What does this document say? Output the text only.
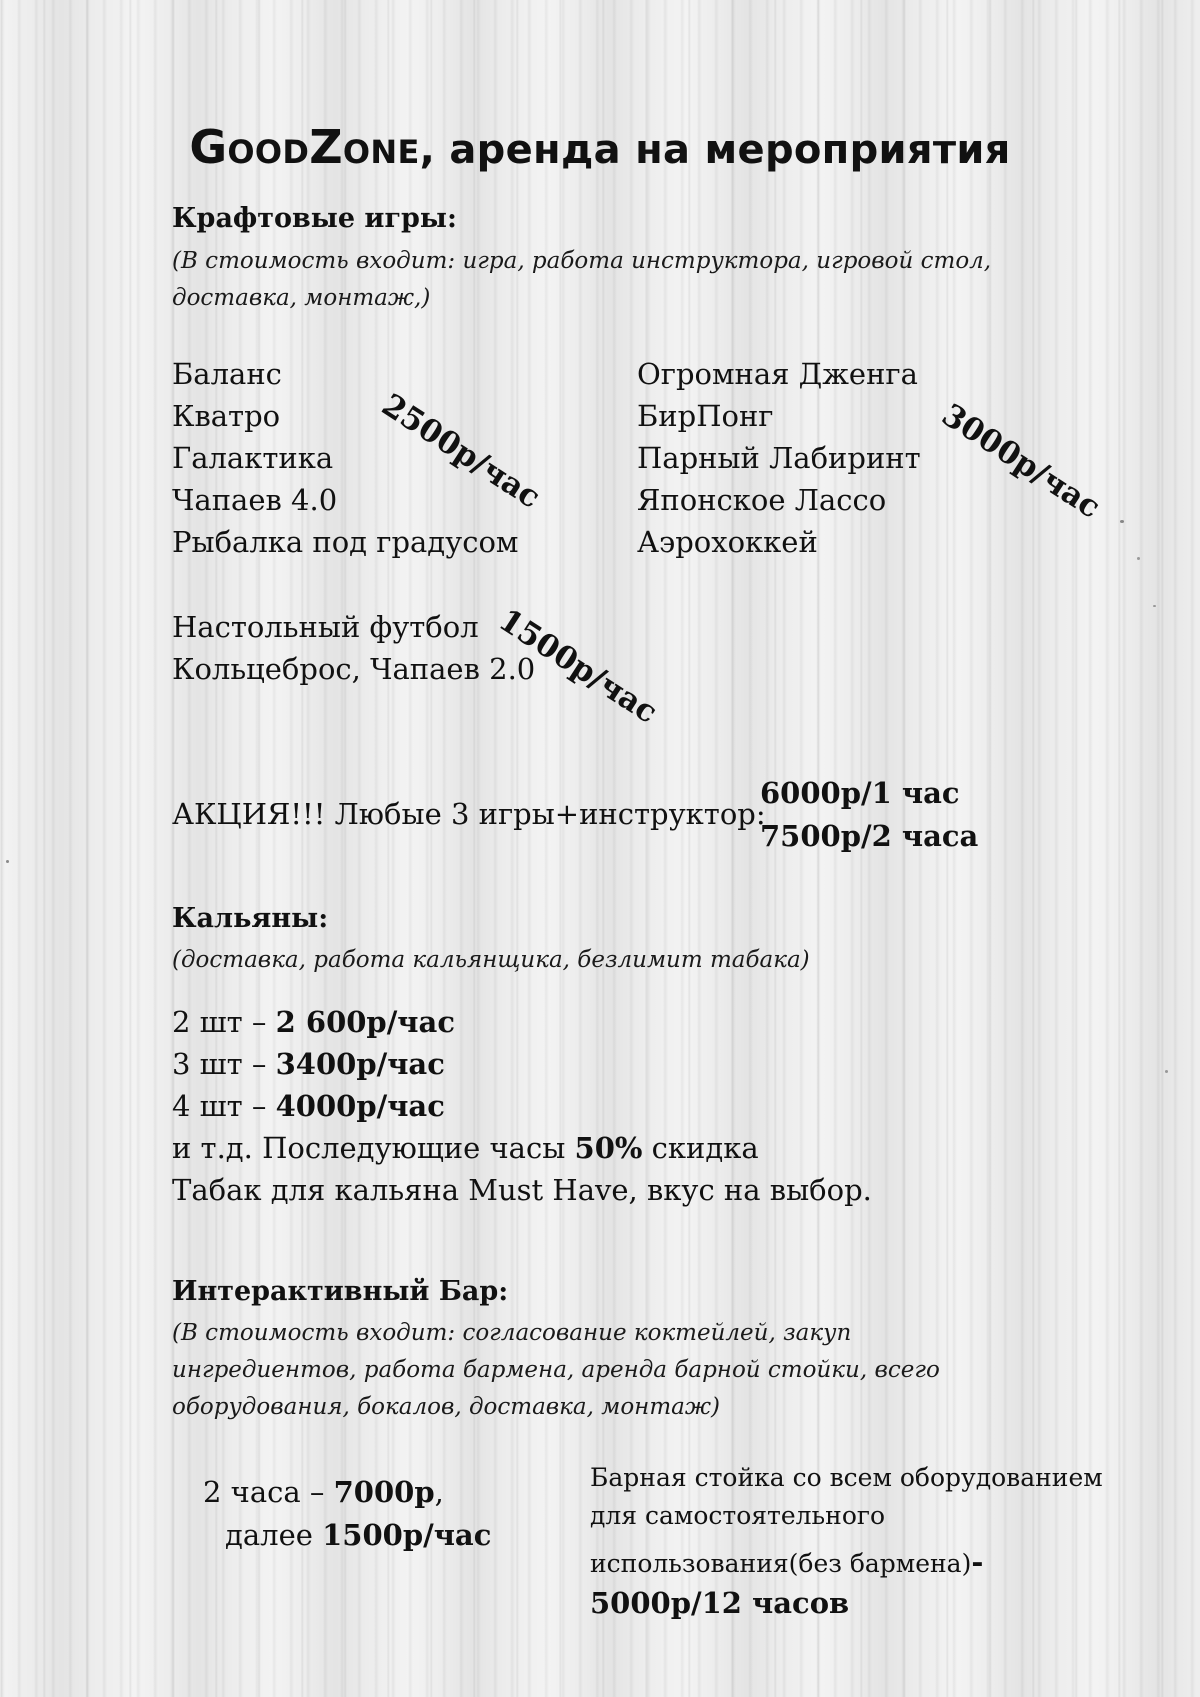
GoodZone, аренда на мероприятия
Крафтовые игры:
(В стоимость входит: игра, работа инструктора, игровой стол,
доставка, монтаж,)
Баланс
Кватро
Галактика
Чапаев 4.0
Рыбалка под градусом
2500р/час
Огромная Дженга
БирПонг
Парный Лабиринт
Японское Лассо
Аэрохоккей
3000р/час
Настольный футбол
Кольцеброс, Чапаев 2.0
1500р/час
АКЦИЯ!!! Любые 3 игры+инструктор:
6000р/1 час
7500р/2 часа
Кальяны:
(доставка, работа кальянщика, безлимит табака)
2 шт – 2 600р/час
3 шт – 3400р/час
4 шт – 4000р/час
и т.д. Последующие часы 50% скидка
Табак для кальяна Must Have, вкус на выбор.
Интерактивный Бар:
(В стоимость входит: согласование коктейлей, закуп
ингредиентов, работа бармена, аренда барной стойки, всего
оборудования, бокалов, доставка, монтаж)
2 часа – 7000р,
далее 1500р/час
Барная стойка со всем оборудованием
для самостоятельного
использования(без бармена)-
5000р/12 часов
